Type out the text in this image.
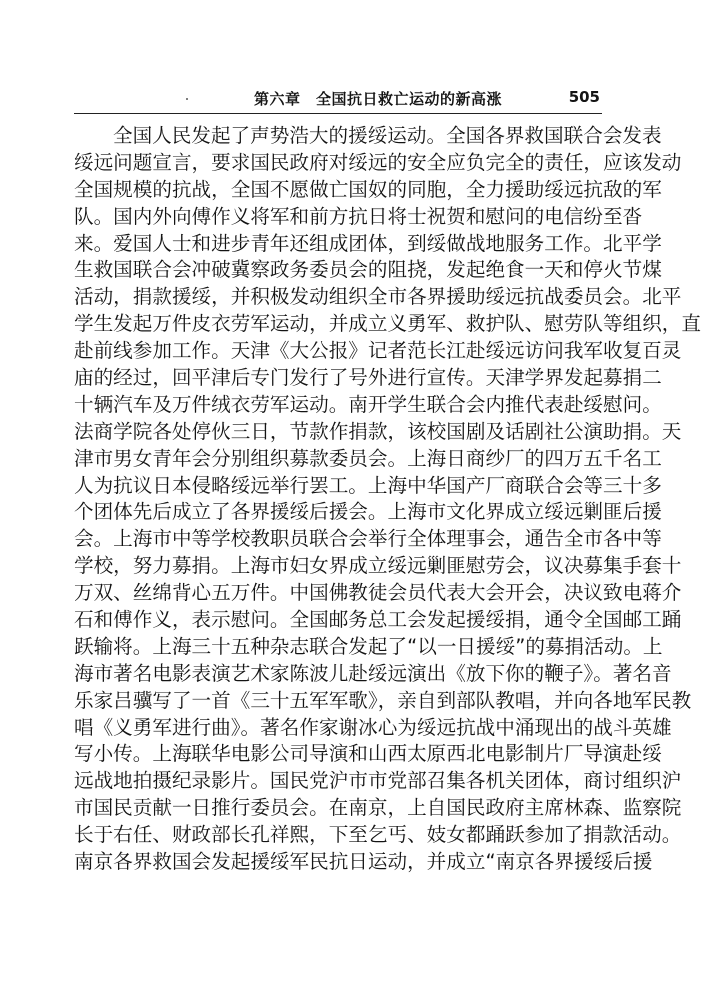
第六章　全国抗日救亡运动的新高涨	505
全国人民发起了声势浩大的援绥运动。全国各界救国联合会发表
绥远问题宣言，要求国民政府对绥远的安全应负完全的责任，应该发动
全国规模的抗战，全国不愿做亡国奴的同胞，全力援助绥远抗敌的军
队。国内外向傅作义将军和前方抗日将士祝贺和慰问的电信纷至沓
来。爱国人士和进步青年还组成团体，到绥做战地服务工作。北平学
生救国联合会冲破冀察政务委员会的阻挠，发起绝食一天和停火节煤
活动，捐款援绥，并积极发动组织全市各界援助绥远抗战委员会。北平
学生发起万件皮衣劳军运动，并成立义勇军、救护队、慰劳队等组织，直
赴前线参加工作。天津《大公报》记者范长江赴绥远访问我军收复百灵
庙的经过，回平津后专门发行了号外进行宣传。天津学界发起募捐二
十辆汽车及万件绒衣劳军运动。南开学生联合会内推代表赴绥慰问。
法商学院各处停伙三日，节款作捐款，该校国剧及话剧社公演助捐。天
津市男女青年会分别组织募款委员会。上海日商纱厂的四万五千名工
人为抗议日本侵略绥远举行罢工。上海中华国产厂商联合会等三十多
个团体先后成立了各界援绥后援会。上海市文化界成立绥远剿匪后援
会。上海市中等学校教职员联合会举行全体理事会，通告全市各中等
学校，努力募捐。上海市妇女界成立绥远剿匪慰劳会，议决募集手套十
万双、丝绵背心五万件。中国佛教徒会员代表大会开会，决议致电蒋介
石和傅作义，表示慰问。全国邮务总工会发起援绥捐，通令全国邮工踊
跃输将。上海三十五种杂志联合发起了“以一日援绥”的募捐活动。上
海市著名电影表演艺术家陈波儿赴绥远演出《放下你的鞭子》。著名音
乐家吕骥写了一首《三十五军军歌》，亲自到部队教唱，并向各地军民教
唱《义勇军进行曲》。著名作家谢冰心为绥远抗战中涌现出的战斗英雄
写小传。上海联华电影公司导演和山西太原西北电影制片厂导演赴绥
远战地拍摄纪录影片。国民党沪市市党部召集各机关团体，商讨组织沪
市国民贡献一日推行委员会。在南京，上自国民政府主席林森、监察院
长于右任、财政部长孔祥熙，下至乞丐、妓女都踊跃参加了捐款活动。
南京各界救国会发起援绥军民抗日运动，并成立“南京各界援绥后援
